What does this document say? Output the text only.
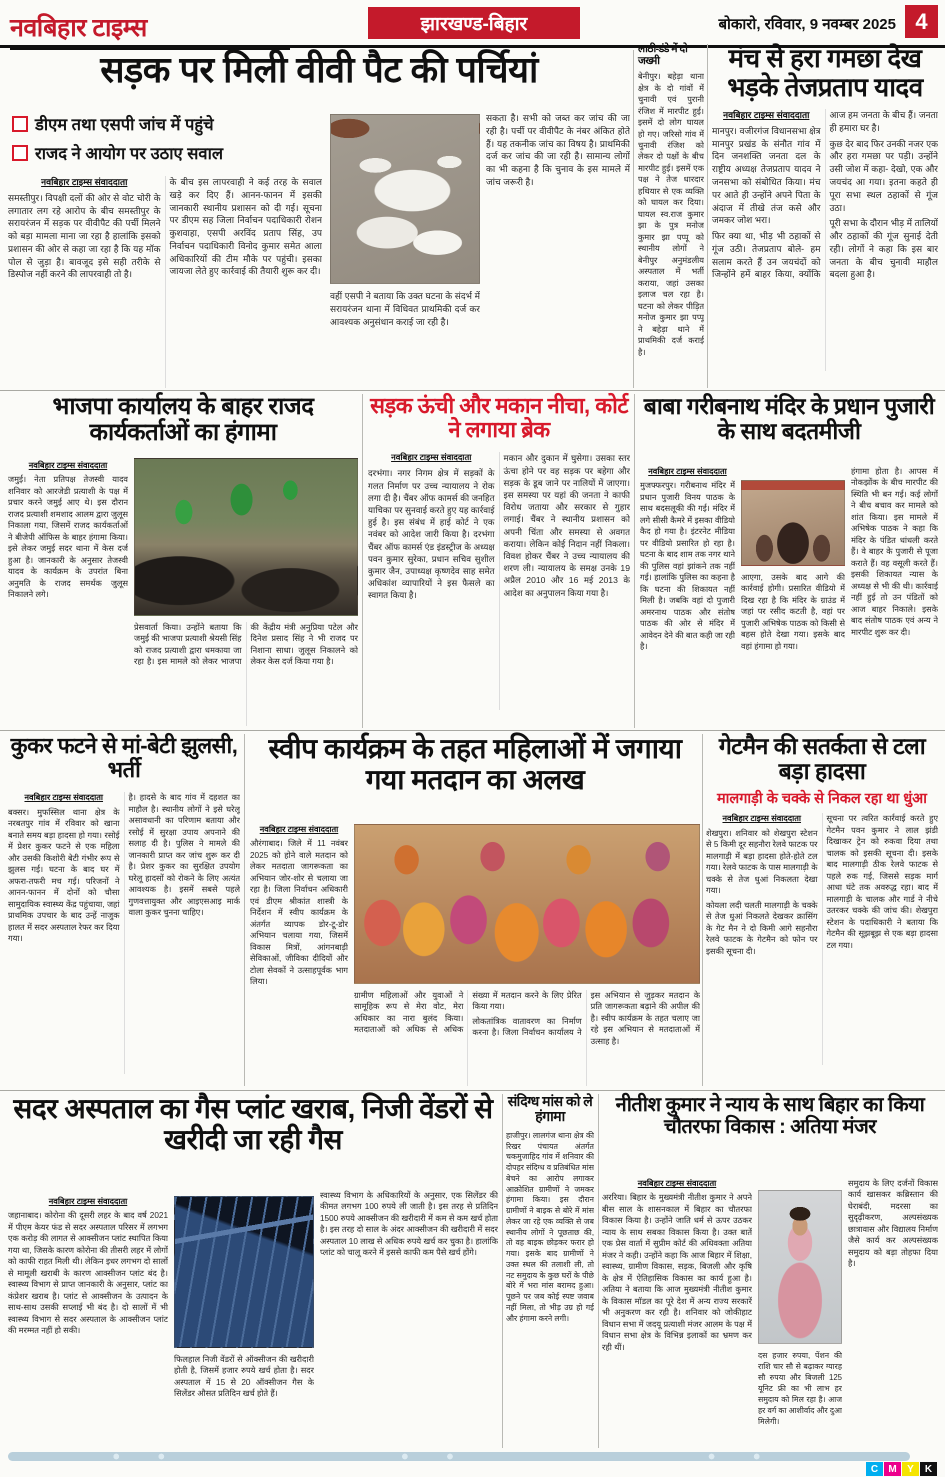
नवबिहार टाइम्स	झारखण्ड-बिहार	बोकारो, रविवार, 9 नवम्बर 2025 4
सड़क पर मिली वीवी पैट की पर्चियां
डीएम तथा एसपी जांच में पहुंचे
राजद ने आयोग पर उठाए सवाल
नवबिहार टाइम्स संवाददाता

समस्तीपुर। विपक्षी दलों की ओर से वोट चोरी के लगातार लग रहे आरोप के बीच समस्तीपुर के सरायरंजन में सड़क पर वीवीपैट की पर्ची मिलने को बड़ा मामला माना जा रहा है हालांकि इसको प्रशासन की ओर से कहा जा रहा है कि यह मॉक पोल से जुड़ा है। बावजूद इसे सही तरीके से डिस्पोज नहीं करने की लापरवाही तो है।

के बीच इस लापरवाही ने कई तरह के सवाल खड़े कर दिए हैं। आनन-फानन में इसकी जानकारी स्थानीय प्रशासन को दी गई। सूचना पर डीएम सह जिला निर्वाचन पदाधिकारी रोशन कुशवाहा, एसपी अरविंद प्रताप सिंह, उप निर्वाचन पदाधिकारी विनोद कुमार समेत आला अधिकारियों की टीम मौके पर पहुंची। इसका जायजा लेते हुए कार्रवाई की तैयारी शुरू कर दी।

वहीं एसपी ने बताया कि उक्त घटना के संदर्भ में सरायरंजन थाना में विधिवत प्राथमिकी दर्ज कर आवश्यक अनुसंधान कराई जा रही है।

सकता है। सभी को जब्त कर जांच की जा रही है। पर्ची पर वीवीपैट के नंबर अंकित होते हैं। यह तकनीक जांच का विषय है। प्राथमिकी दर्ज कर जांच की जा रही है। सामान्य लोगों का भी कहना है कि चुनाव के इस मामले में जांच जरूरी है।

लाठी-डंडे में दो जख्मी

बेनीपुर। बहेड़ा थाना क्षेत्र के दो गांवों में चुनावी एवं पुरानी रंजिश में मारपीट हुई। इसमें दो लोग घायल हो गए। जरिसो गांव में चुनावी रंजिश को लेकर दो पक्षों के बीच मारपीट हुई। इसमें एक पक्ष ने तेज धारदार हथियार से एक व्यक्ति को घायल कर दिया। घायल स्व.राज कुमार झा के पुत्र मनोज कुमार झा पप्पू को स्थानीय लोगों ने बेनीपुर अनुमंडलीय अस्पताल में भर्ती कराया, जहां उसका इलाज चल रहा है। घटना को लेकर पीड़ित मनोज कुमार झा पप्पू ने बहेड़ा थाने में प्राथमिकी दर्ज कराई है।

मंच से हरा गमछा देख भड़के तेजप्रताप यादव
नवबिहार टाइम्स संवाददाता

मानपुर। वजीरगंज विधानसभा क्षेत्र मानपुर प्रखंड के संनौत गांव में दिन जनशक्ति जनता दल के राष्ट्रीय अध्यक्ष तेजप्रताप यादव ने जनसभा को संबोधित किया। मंच पर आते ही उन्होंने अपने पिता के अंदाज में तीखे तंज कसे और जमकर जोश भरा।

फिर क्या था, भीड़ भी ठहाकों से गूंज उठी। तेजप्रताप बोले- हम सलाम करते हैं उन जयचंदों को जिन्होंने हमें बाहर किया, क्योंकि आज हम जनता के बीच हैं। जनता ही हमारा घर है।

कुछ देर बाद फिर उनकी नजर एक और हरा गमछा पर पड़ी। उन्होंने उसी जोश में कहा- देखो, एक और जयचंद आ गया। इतना कहते ही पूरा सभा स्थल ठहाकों से गूंज उठा।

पूरी सभा के दौरान भीड़ में तालियों और ठहाकों की गूंज सुनाई देती रही। लोगों ने कहा कि इस बार जनता के बीच चुनावी माहौल बदला हुआ है।

भाजपा कार्यालय के बाहर राजद कार्यकर्ताओं का हंगामा
नवबिहार टाइम्स संवाददाता

जमुई। नेता प्रतिपक्ष तेजस्वी यादव शनिवार को आरजेडी प्रत्याशी के पक्ष में प्रचार करने जमुई आए थे। इस दौरान राजद प्रत्याशी शमशाद आलम द्वारा जुलूस निकाला गया, जिसमें राजद कार्यकर्ताओं ने बीजेपी ऑफिस के बाहर हंगामा किया। इसे लेकर जमुई सदर थाना में केस दर्ज हुआ है। जानकारी के अनुसार तेजस्वी यादव के कार्यक्रम के उपरांत बिना अनुमति के राजद समर्थक जुलूस निकालने लगे।

प्रेसवार्ता किया। उन्होंने बताया कि जमुई की भाजपा प्रत्याशी श्रेयसी सिंह को राजद प्रत्याशी द्वारा धमकाया जा रहा है। इस मामले को लेकर भाजपा की केंद्रीय मंत्री अनुप्रिया पटेल और दिनेश प्रसाद सिंह ने भी राजद पर निशाना साधा। जुलूस निकालने को लेकर केस दर्ज किया गया है।

सड़क ऊंची और मकान नीचा, कोर्ट ने लगाया ब्रेक
नवबिहार टाइम्स संवाददाता

दरभंगा। नगर निगम क्षेत्र में सड़कों के गलत निर्माण पर उच्च न्यायालय ने रोक लगा दी है। चैंबर ऑफ कामर्स की जनहित याचिका पर सुनवाई करते हुए यह कार्रवाई हुई है। इस संबंध में हाई कोर्ट ने एक नवंबर को आदेश जारी किया है। दरभंगा चैंबर ऑफ कामर्स एंड इंडस्ट्रीज के अध्यक्ष पवन कुमार सुरेका, प्रधान सचिव सुशील कुमार जैन, उपाध्यक्ष कृष्णदेव साह समेत अधिकांश व्यापारियों ने इस फैसले का स्वागत किया है।

मकान और दुकान में घुसेगा। उसका स्तर ऊंचा होने पर वह सड़क पर बहेगा और सड़क के डूब जाने पर नालियों में जाएगा। इस समस्या पर यहां की जनता ने काफी विरोध जताया और सरकार से गुहार लगाई। चैंबर ने स्थानीय प्रशासन को अपनी चिंता और समस्या से अवगत कराया। लेकिन कोई निदान नहीं निकला। विवश होकर चैंबर ने उच्च न्यायालय की शरण ली। न्यायालय के समक्ष उनके 19 अप्रैल 2010 और 16 मई 2013 के आदेश का अनुपालन किया गया है।

बाबा गरीबनाथ मंदिर के प्रधान पुजारी के साथ बदतमीजी
नवबिहार टाइम्स संवाददाता

मुजफ्फरपुर। गरीबनाथ मंदिर में प्रधान पुजारी विनय पाठक के साथ बदसलूकी की गई। मंदिर में लगे सीसी कैमरे में इसका वीडियो कैद हो गया है। इंटरनेट मीडिया पर वीडियो प्रसारित हो रहा है। घटना के बाद शाम तक नगर थाने की पुलिस वहां झांकने तक नहीं गई। हालांकि पुलिस का कहना है कि घटना की शिकायत नहीं मिली है। जबकि वहां दो पुजारी अमरनाथ पाठक और संतोष पाठक की ओर से मंदिर में आवेदन देने की बात कही जा रही है।

आएगा, उसके बाद आगे की कार्रवाई होगी। प्रसारित वीडियो में दिख रहा है कि मंदिर के ग्राउंड में जहां पर रसीद कटती है, वहां पर पुजारी अभिषेक पाठक को किसी से बहस होते देखा गया। इसके बाद वहां हंगामा हो गया।

हंगामा होता है। आपस में नोकझोंक के बीच मारपीट की स्थिति भी बन गई। कई लोगों ने बीच बचाव कर मामले को शांत किया। इस मामले में अभिषेक पाठक ने कहा कि मंदिर के पंडित धांधली करते हैं। वे बाहर के पुजारी से पूजा कराते हैं। वह वसूली करते हैं। इसकी शिकायत न्यास के अध्यक्ष से भी की थी। कार्रवाई नहीं हुई तो उन पंडितों को आज बाहर निकाले। इसके बाद संतोष पाठक एवं अन्य ने मारपीट शुरू कर दी।

कुकर फटने से मां-बेटी झुलसी, भर्ती
नवबिहार टाइम्स संवाददाता

बक्सर। मुफस्सिल थाना क्षेत्र के नरबतपुर गांव में रविवार को खाना बनाते समय बड़ा हादसा हो गया। रसोई में प्रेशर कुकर फटने से एक महिला और उसकी किशोरी बेटी गंभीर रूप से झुलस गई। घटना के बाद घर में अफरा-तफरी मच गई। परिजनों ने आनन-फानन में दोनों को चौसा सामुदायिक स्वास्थ्य केंद्र पहुंचाया, जहां प्राथमिक उपचार के बाद उन्हें नाजुक हालत में सदर अस्पताल रेफर कर दिया गया।

है। हादसे के बाद गांव में दहशत का माहौल है। स्थानीय लोगों ने इसे घरेलू असावधानी का परिणाम बताया और रसोई में सुरक्षा उपाय अपनाने की सलाह दी है। पुलिस ने मामले की जानकारी प्राप्त कर जांच शुरू कर दी है। प्रेशर कुकर का सुरक्षित उपयोग घरेलू हादसों को रोकने के लिए अत्यंत आवश्यक है। इसमें सबसे पहले गुणवत्तायुक्त और आइएसआइ मार्क वाला कुकर चुनना चाहिए।

स्वीप कार्यक्रम के तहत महिलाओं में जगाया गया मतदान का अलख
नवबिहार टाइम्स संवाददाता

औरंगाबाद। जिले में 11 नवंबर 2025 को होने वाले मतदान को लेकर मतदाता जागरूकता का अभियान जोर-शोर से चलाया जा रहा है। जिला निर्वाचन अधिकारी एवं डीएम श्रीकांत शास्त्री के निर्देशन में स्वीप कार्यक्रम के अंतर्गत व्यापक डोर-टू-डोर अभियान चलाया गया, जिसमें विकास मित्रों, आंगनबाड़ी सेविकाओं, जीविका दीदियों और टोला सेवकों ने उत्साहपूर्वक भाग लिया।

ग्रामीण महिलाओं और युवाओं ने सामूहिक रूप से मेरा वोट, मेरा अधिकार का नारा बुलंद किया। मतदाताओं को अधिक से अधिक संख्या में मतदान करने के लिए प्रेरित किया गया।

लोकतांत्रिक वातावरण का निर्माण करना है। जिला निर्वाचन कार्यालय ने इस अभियान से जुड़कर मतदान के प्रति जागरूकता बढ़ाने की अपील की है। स्वीप कार्यक्रम के तहत चलाए जा रहे इस अभियान से मतदाताओं में उत्साह है।

गेटमैन की सतर्कता से टला बड़ा हादसा
मालगाड़ी के चक्के से निकल रहा था धुंआ
नवबिहार टाइम्स संवाददाता

शेखपुरा। शनिवार को शेखपुरा स्टेशन से 5 किमी दूर सहनौरा रेलवे फाटक पर मालगाड़ी में बड़ा हादसा होते-होते टल गया। रेलवे फाटक के पास मालगाड़ी के चक्के से तेज धुआं निकलता देखा गया।

कोयला लदी चलती मालगाड़ी के चक्के से तेज धुआं निकलते देखकर क्रासिंग के गेट मैन ने दो किमी आगे सहनौरा रेलवे फाटक के गेटमैन को फोन पर इसकी सूचना दी।

सूचना पर त्वरित कार्रवाई करते हुए गेटमैन पवन कुमार ने लाल झंडी दिखाकर ट्रेन को रुकवा दिया तथा चालक को इसकी सूचना दी। इसके बाद मालगाड़ी ठीक रेलवे फाटक से पहले रुक गई, जिससे सड़क मार्ग आधा घंटे तक अवरुद्ध रहा। बाद में मालगाड़ी के चालक और गार्ड ने नीचे उतरकर चक्के की जांच की। शेखपुरा स्टेशन के पदाधिकारी ने बताया कि गेटमैन की सूझबूझ से एक बड़ा हादसा टल गया।

सदर अस्पताल का गैस प्लांट खराब, निजी वेंडरों से खरीदी जा रही गैस
नवबिहार टाइम्स संवाददाता

जहानाबाद। कोरोना की दूसरी लहर के बाद वर्ष 2021 में पीएम केयर फंड से सदर अस्पताल परिसर में लगभग एक करोड़ की लागत से आक्सीजन प्लांट स्थापित किया गया था, जिसके कारण कोरोना की तीसरी लहर में लोगों को काफी राहत मिली थी। लेकिन इधर लगभग दो सालों से मामूली खराबी के कारण आक्सीजन प्लांट बंद है। स्वास्थ्य विभाग से प्राप्त जानकारी के अनुसार, प्लांट का कंप्रेशर खराब है। प्लांट से आक्सीजन के उत्पादन के साथ-साथ उसकी सप्लाई भी बंद है। दो सालों में भी स्वास्थ्य विभाग से सदर अस्पताल के आक्सीजन प्लांट की मरम्मत नहीं हो सकी।

फिलहाल निजी वेंडरों से ऑक्सीजन की खरीदारी होती है, जिसमें हजार रुपये खर्च होता है। सदर अस्पताल में 15 से 20 ऑक्सीजन गैस के सिलेंडर औसत प्रतिदिन खर्च होते हैं।

स्वास्थ्य विभाग के अधिकारियों के अनुसार, एक सिलेंडर की कीमत लगभग 100 रुपये ली जाती है। इस तरह से प्रतिदिन 1500 रुपये आक्सीजन की खरीदारी में कम से कम खर्च होता है। इस तरह दो साल के अंदर आक्सीजन की खरीदारी में सदर अस्पताल 10 लाख से अधिक रुपये खर्च कर चुका है। हालांकि प्लांट को चालू करने में इससे काफी कम पैसे खर्च होंगे।

संदिग्ध मांस को ले हंगामा

हाजीपुर। लालगंज थाना क्षेत्र की रिखर पंचायत अंतर्गत चकमुजाहिद गांव में शनिवार की दोपहर संदिग्ध व प्रतिबंधित मांस बेचने का आरोप लगाकर आक्रोशित ग्रामीणों ने जमकर हंगामा किया। इस दौरान ग्रामीणों ने बाइक से बोरे में मांस लेकर जा रहे एक व्यक्ति से जब स्थानीय लोगों ने पूछताछ की, तो वह बाइक छोड़कर फरार हो गया। इसके बाद ग्रामीणों ने उक्त स्थल की तलाशी ली, तो नट समुदाय के कुछ घरों के पीछे बोरे में भरा मांस बरामद हुआ। पूछने पर जब कोई स्पष्ट जवाब नहीं मिला, तो भीड़ उग्र हो गई और हंगामा करने लगी।

नीतीश कुमार ने न्याय के साथ बिहार का किया चौतरफा विकास : अतिया मंजर
नवबिहार टाइम्स संवाददाता

अररिया। बिहार के मुख्यमंत्री नीतीश कुमार ने अपने बीस साल के शासनकाल में बिहार का चौतरफा विकास किया है। उन्होंने जाति धर्म से ऊपर उठकर न्याय के साथ सबका विकास किया है। उक्त बातें एक प्रेस वार्ता में सुप्रीम कोर्ट की अधिवक्ता अतिया मंजर ने कही। उन्होंने कहा कि आज बिहार में शिक्षा, स्वास्थ्य, ग्रामीण विकास, सड़क, बिजली और कृषि के क्षेत्र में ऐतिहासिक विकास का कार्य हुआ है। अतिया ने बताया कि आज मुख्यमंत्री नीतीश कुमार के विकास मॉडल का पूरे देश में अन्य राज्य सरकारें भी अनुकरण कर रही है। शनिवार को जोकीहाट विधान सभा में जदयू प्रत्याशी मंजर आलम के पक्ष में विधान सभा क्षेत्र के विभिन्न इलाकों का भ्रमण कर रही थीं।

दस हजार रुपया, पेंशन की राशि चार सौ से बढ़ाकर ग्यारह सौ रुपया और बिजली 125 यूनिट फ्री का भी लाभ हर समुदाय को मिल रहा है। आज हर वर्ग का आशीर्वाद और दुआ मिलेगी।

समुदाय के लिए दर्जनों विकास कार्य खासकर कब्रिस्तान की घेराबंदी, मदरसा का सुदृढ़ीकरण, अल्पसंख्यक छात्रावास और विद्यालय निर्माण जैसे कार्य कर अल्पसंख्यक समुदाय को बड़ा तोहफा दिया है।

C	M	Y	K
